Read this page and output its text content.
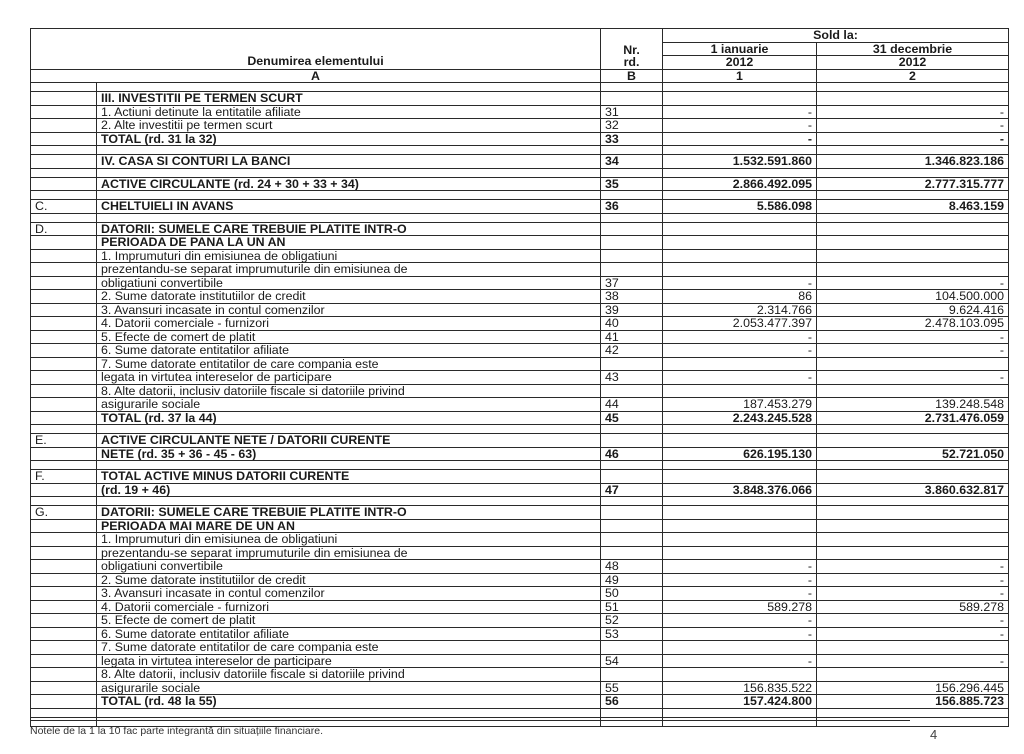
Denumirea elementului		Nr.
rd.	Sold la:	
			1 ianuarie	31 decembrie
			2012	2012
A		B	1	2

	III. INVESTITII PE TERMEN SCURT			
	1. Actiuni detinute la entitatile afiliate	31	-	-
	2. Alte investitii pe termen scurt	32	-	-
	TOTAL (rd. 31 la 32)	33	-	-

	IV. CASA SI CONTURI LA BANCI	34	1.532.591.860	1.346.823.186

	ACTIVE CIRCULANTE (rd. 24 + 30 + 33 + 34)	35	2.866.492.095	2.777.315.777

C.	CHELTUIELI IN AVANS	36	5.586.098	8.463.159

D.	DATORII: SUMELE CARE TREBUIE PLATITE INTR-O			
	PERIOADA DE PANA LA UN AN			
	1. Imprumuturi din emisiunea de obligatiuni			
	prezentandu-se separat imprumuturile din emisiunea de			
	obligatiuni convertibile	37	-	-
	2. Sume datorate institutiilor de credit	38	86	104.500.000
	3. Avansuri incasate in contul comenzilor	39	2.314.766	9.624.416
	4. Datorii comerciale - furnizori	40	2.053.477.397	2.478.103.095
	5. Efecte de comert de platit	41	-	-
	6. Sume datorate entitatilor afiliate	42	-	-
	7. Sume datorate entitatilor de care compania este			
	legata in virtutea intereselor de participare	43	-	-
	8. Alte datorii, inclusiv datoriile fiscale si datoriile privind			
	asigurarile sociale	44	187.453.279	139.248.548
	TOTAL (rd. 37 la 44)	45	2.243.245.528	2.731.476.059

E.	ACTIVE CIRCULANTE NETE / DATORII CURENTE			
	NETE (rd. 35 + 36 - 45 - 63)	46	626.195.130	52.721.050

F.	TOTAL ACTIVE MINUS DATORII CURENTE			
	(rd. 19 + 46)	47	3.848.376.066	3.860.632.817

G.	DATORII: SUMELE CARE TREBUIE PLATITE INTR-O			
	PERIOADA MAI MARE DE UN AN			
	1. Imprumuturi din emisiunea de obligatiuni			
	prezentandu-se separat imprumuturile din emisiunea de			
	obligatiuni convertibile	48	-	-
	2. Sume datorate institutiilor de credit	49	-	-
	3. Avansuri incasate in contul comenzilor	50	-	-
	4. Datorii comerciale - furnizori	51	589.278	589.278
	5. Efecte de comert de platit	52	-	-
	6. Sume datorate entitatilor afiliate	53	-	-
	7. Sume datorate entitatilor de care compania este			
	legata in virtutea intereselor de participare	54	-	-
	8. Alte datorii, inclusiv datoriile fiscale si datoriile privind			
	asigurarile sociale	55	156.835.522	156.296.445
	TOTAL (rd. 48 la 55)	56	157.424.800	156.885.723

Notele de la 1 la 10 fac parte integrantă din situațiile financiare.	4
